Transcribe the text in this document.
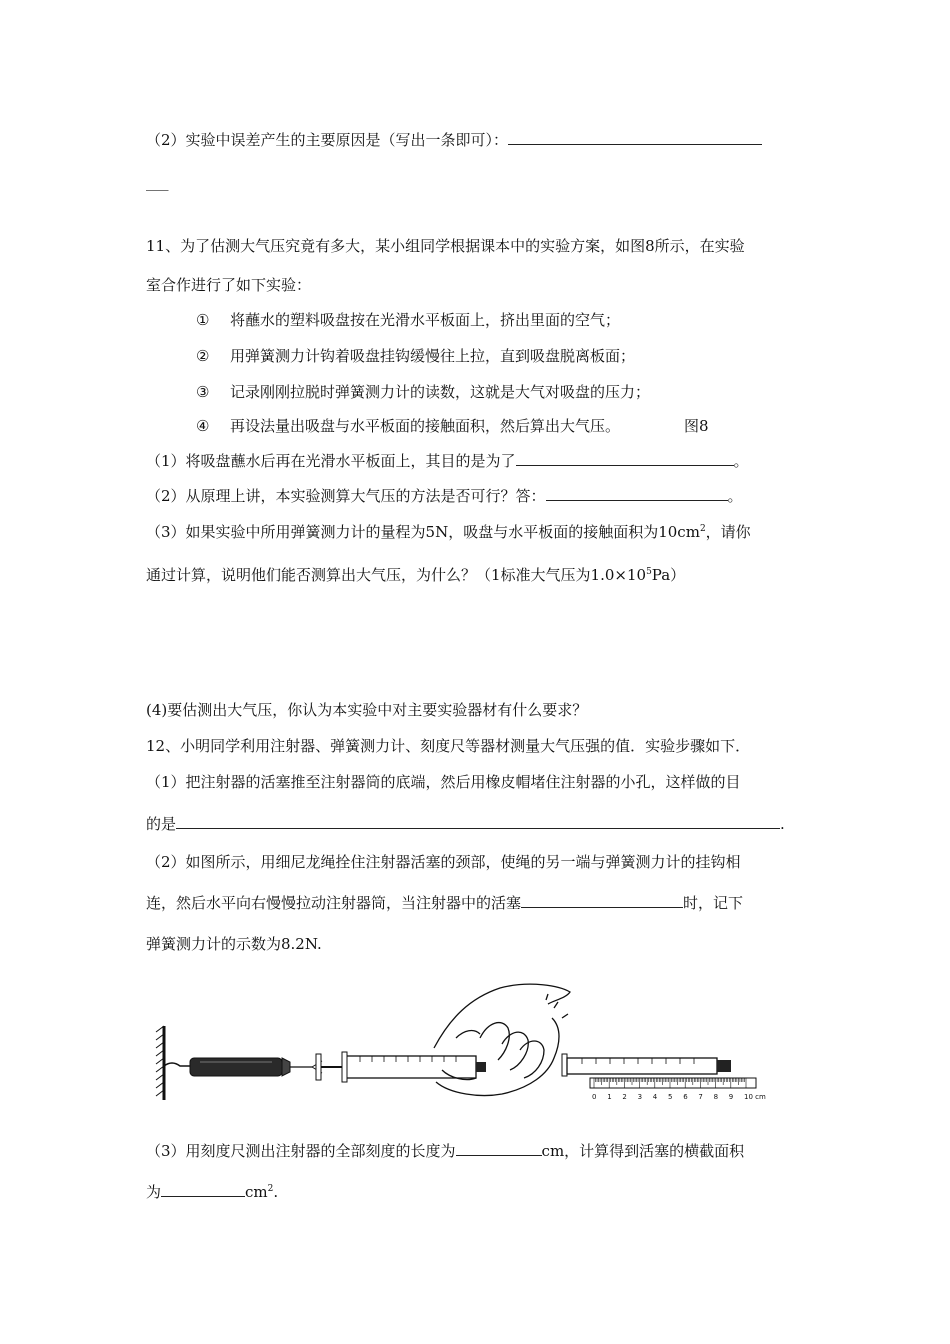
（2）实验中误差产生的主要原因是（写出一条即可）：
___
11、为了估测大气压究竟有多大，某小组同学根据课本中的实验方案，如图8所示，在实验
室合作进行了如下实验：
① 将蘸水的塑料吸盘按在光滑水平板面上，挤出里面的空气；
② 用弹簧测力计钩着吸盘挂钩缓慢往上拉，直到吸盘脱离板面；
③ 记录刚刚拉脱时弹簧测力计的读数，这就是大气对吸盘的压力；
④ 再设法量出吸盘与水平板面的接触面积，然后算出大气压。	图8
（1）将吸盘蘸水后再在光滑水平板面上，其目的是为了	。
（2）从原理上讲，本实验测算大气压的方法是否可行？答：	。
（3）如果实验中所用弹簧测力计的量程为5N，吸盘与水平板面的接触面积为$10cm^2$，请你
通过计算，说明他们能否测算出大气压，为什么？（1标准大气压为$1.0\times 10^5Pa$）
(4)要估测出大气压，你认为本实验中对主要实验器材有什么要求？
12、小明同学利用注射器、弹簧测力计、刻度尺等器材测量大气压强的值．实验步骤如下．
（1）把注射器的活塞推至注射器筒的底端，然后用橡皮帽堵住注射器的小孔，这样做的目
的是	.
（2）如图所示，用细尼龙绳拴住注射器活塞的颈部，使绳的另一端与弹簧测力计的挂钩相
连，然后水平向右慢慢拉动注射器筒，当注射器中的活塞	时，记下
弹簧测力计的示数为8.2N.
0 1 2 3 4 5 6 7 8 9 10 cm
（3）用刻度尺测出注射器的全部刻度的长度为	cm，计算得到活塞的横截面积
为	$cm^2$.
